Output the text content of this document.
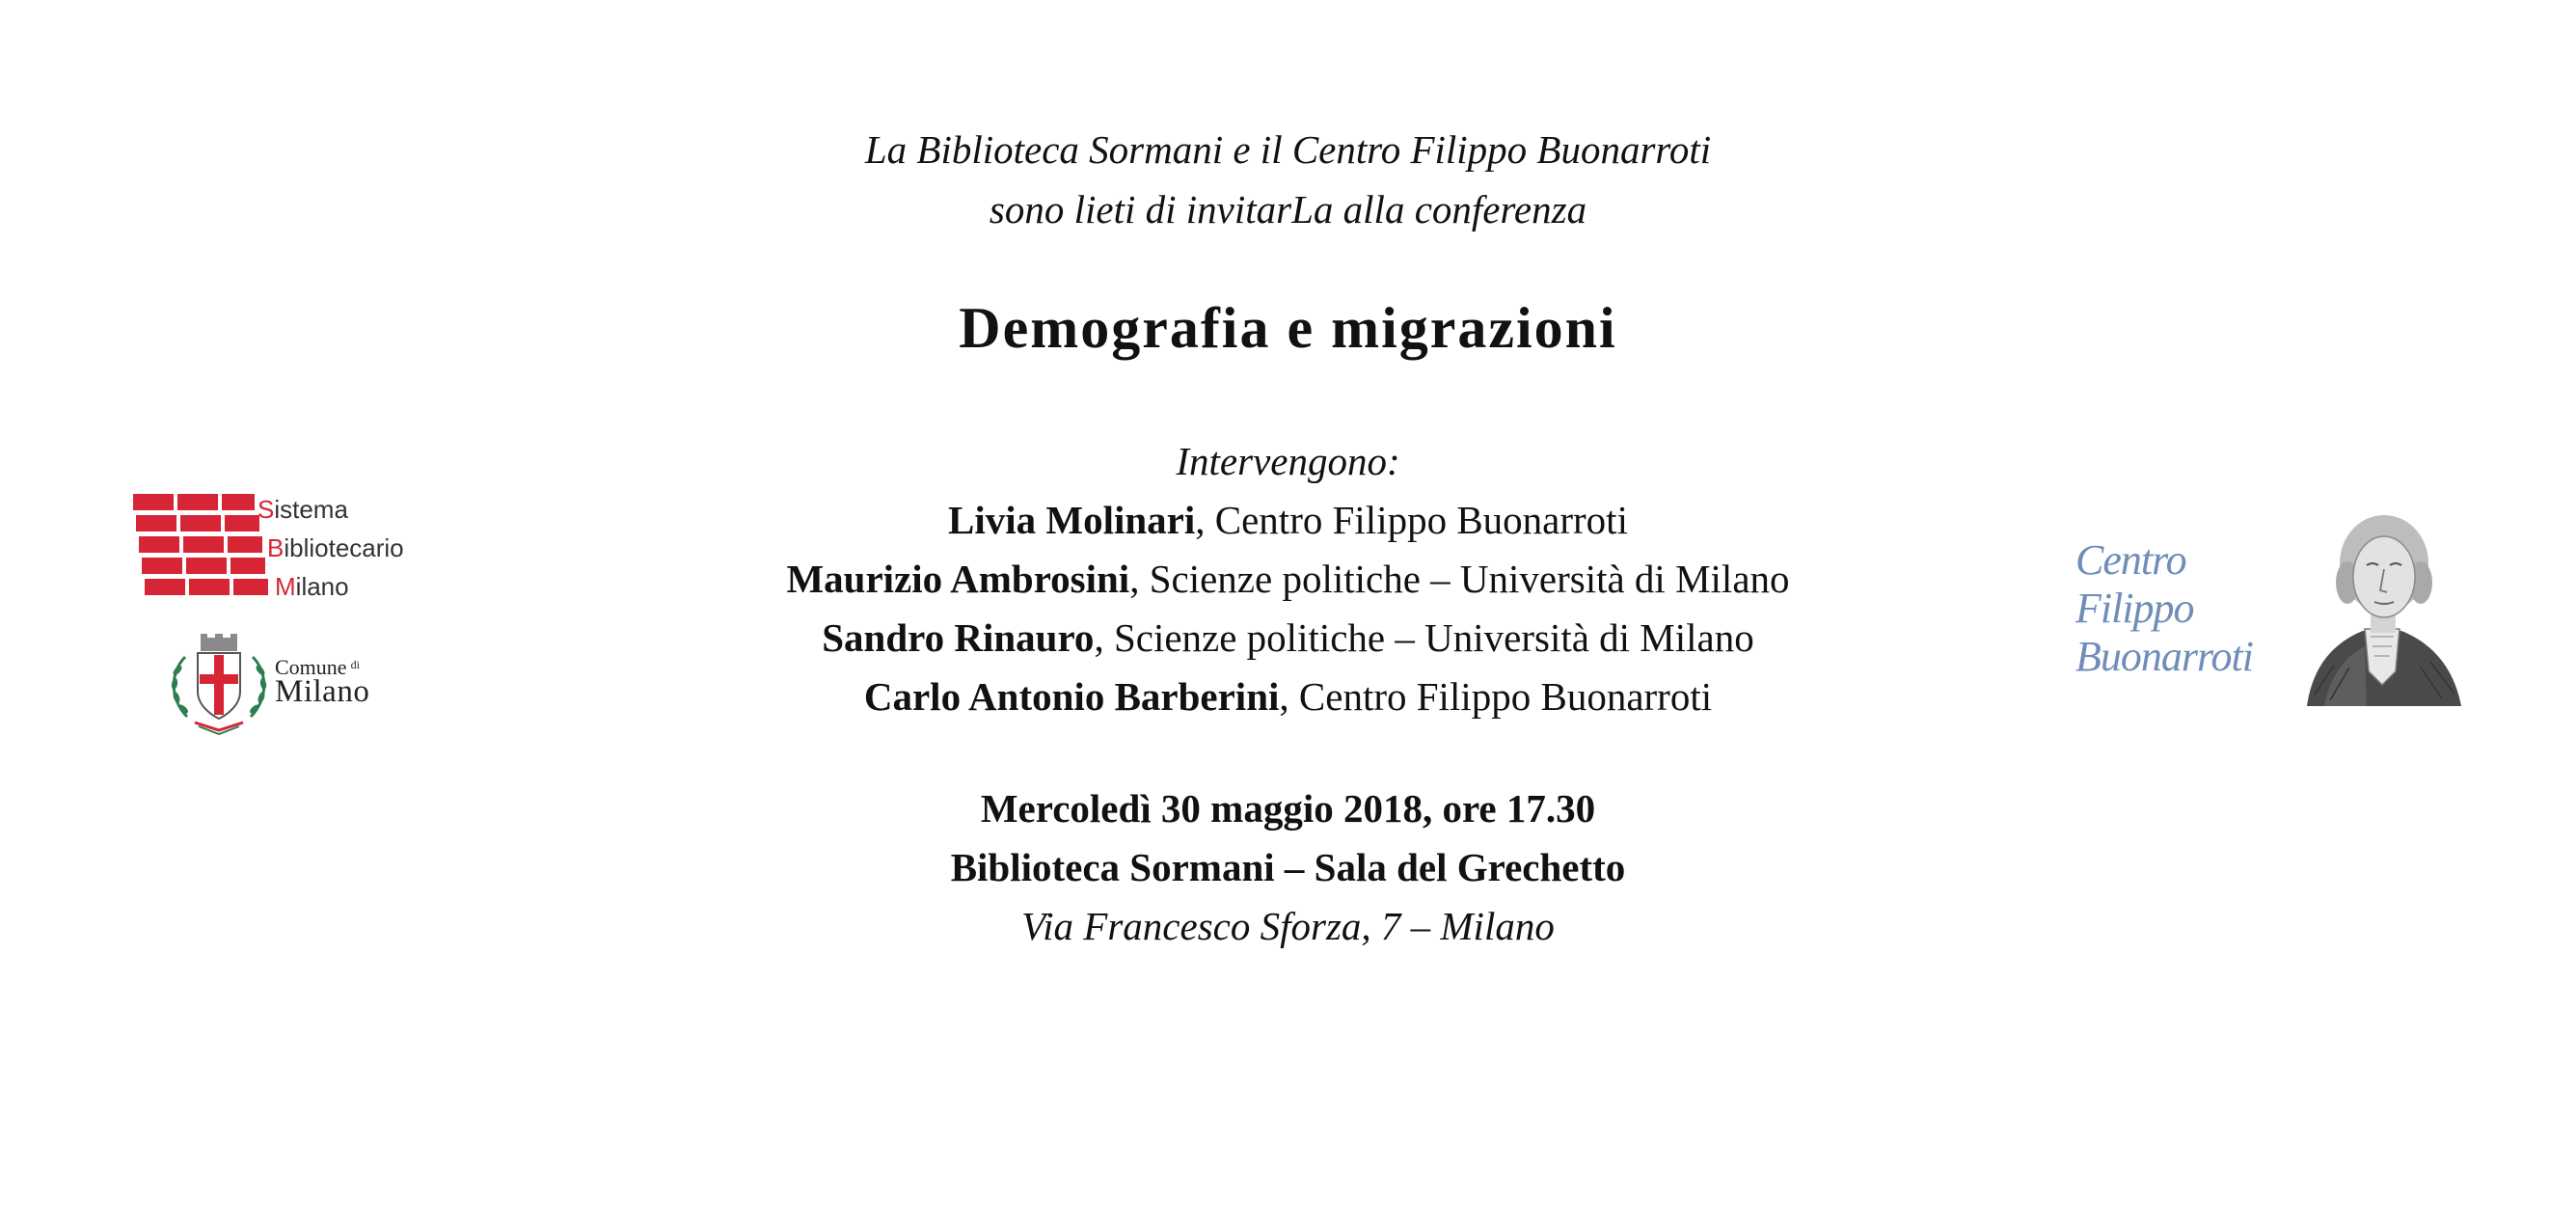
Sistema
Bibliotecario
Milano
Comune $^{di}$
Milano
Centro
Filippo
Buonarroti
La Biblioteca Sormani e il Centro Filippo Buonarroti
sono lieti di invitarLa alla conferenza
Demografia e migrazioni
Intervengono:
Livia Molinari, Centro Filippo Buonarroti
Maurizio Ambrosini, Scienze politiche – Università di Milano
Sandro Rinauro, Scienze politiche – Università di Milano
Carlo Antonio Barberini, Centro Filippo Buonarroti
Mercoledì 30 maggio 2018, ore 17.30
Biblioteca Sormani – Sala del Grechetto
Via Francesco Sforza, 7 – Milano
